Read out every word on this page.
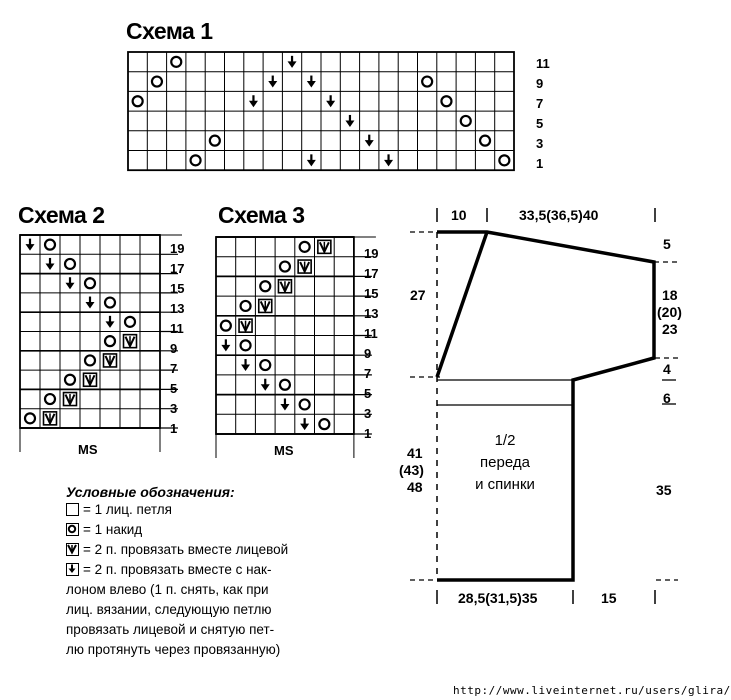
Схема 1
Схема 2	Схема 3
11
9
7
5
3
1
19
17
15
13
11
9
7
5
3
1
19
17
15
13
11
9
7
5
3
1
MS	MS
Условные обозначения:
= 1 лиц. петля
= 1 накид
= 2 п. провязать вместе лицевой
= 2 п. провязать вместе с нак-
лоном влево (1 п. снять, как при
лиц. вязании, следующую петлю
провязать лицевой и снятую пет-
лю протянуть через провязанную)
10	33,5(36,5)40
27
5
18
(20)
23
4
6
41
(43)
48	35
28,5(31,5)35	15
1/2
переда
и спинки
http://www.liveinternet.ru/users/glira/
